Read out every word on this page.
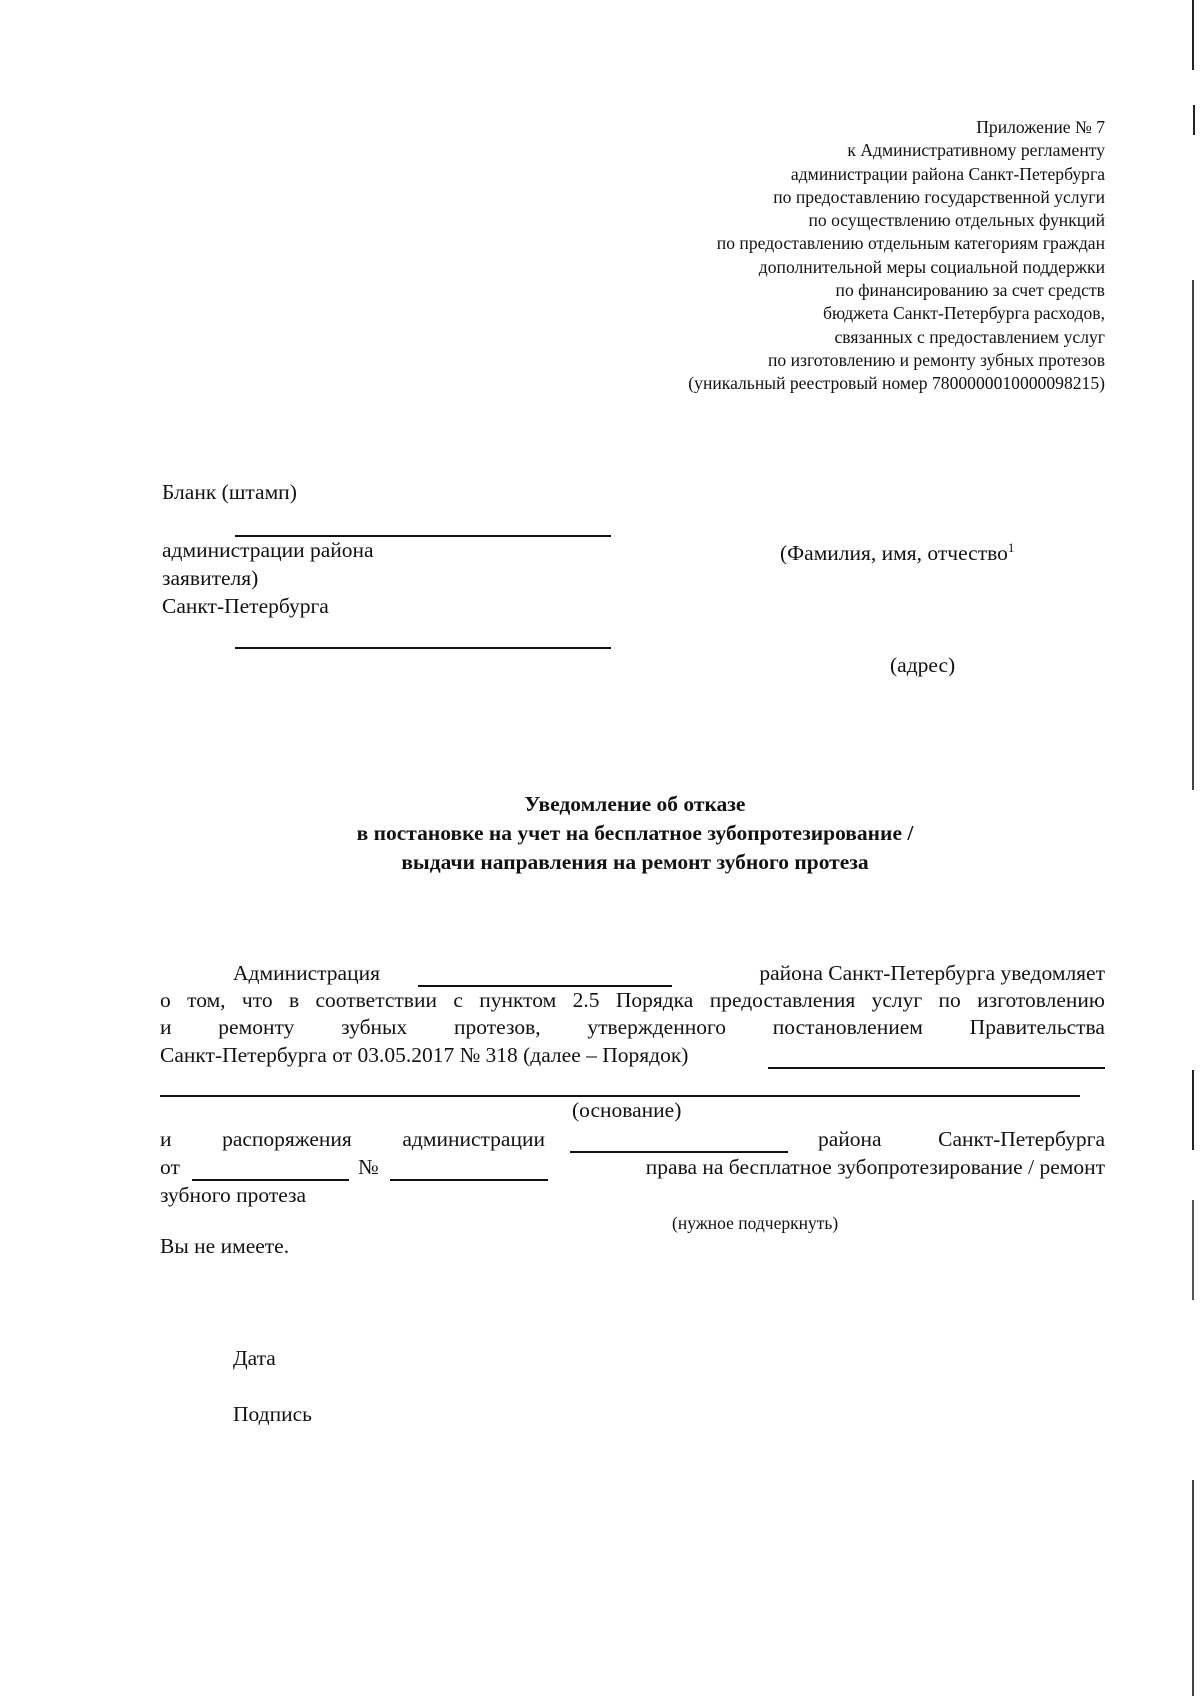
Приложение № 7
к Административному регламенту
администрации района Санкт-Петербурга
по предоставлению государственной услуги
по осуществлению отдельных функций
по предоставлению отдельным категориям граждан
дополнительной меры социальной поддержки
по финансированию за счет средств
бюджета Санкт-Петербурга расходов,
связанных с предоставлением услуг
по изготовлению и ремонту зубных протезов
(уникальный реестровый номер 7800000010000098215)
Бланк (штамп)
администрации района
заявителя)
Санкт-Петербурга
(Фамилия, имя, отчество$^1$
(адрес)
Уведомление об отказе
в постановке на учет на бесплатное зубопротезирование /
выдачи направления на ремонт зубного протеза
Администрация	района Санкт-Петербурга уведомляет
о том, что в соответствии с пунктом 2.5 Порядка предоставления услуг по изготовлению
и ремонту зубных протезов, утвержденного постановлением Правительства
Санкт-Петербурга от 03.05.2017 № 318 (далее – Порядок)
(основание)
и распоряжения администрации	района	Санкт-Петербурга
от	№	права на бесплатное зубопротезирование / ремонт
зубного протеза
(нужное подчеркнуть)
Вы не имеете.
Дата
Подпись
